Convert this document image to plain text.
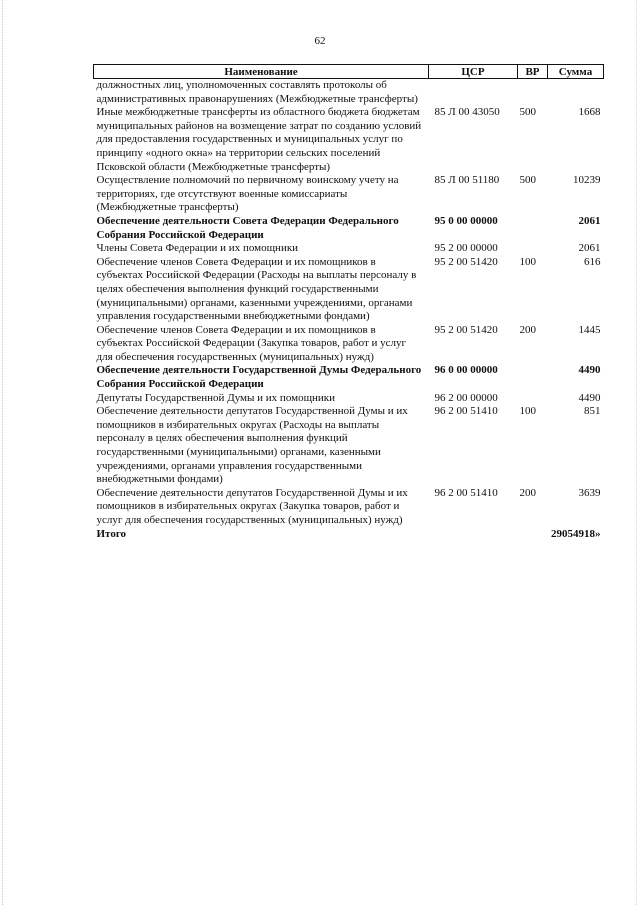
62
Наименование	ЦСР	ВР	Сумма
должностных лиц, уполномоченных составлять протоколы об административных правонарушениях (Межбюджетные трансферты)			
Иные межбюджетные трансферты из областного бюджета бюджетам муниципальных районов на возмещение затрат по созданию условий для предоставления государственных и муниципальных услуг по принципу «одного окна» на территории сельских поселений Псковской области (Межбюджетные трансферты)	85 Л 00 43050	500	1668
Осуществление полномочий по первичному воинскому учету на территориях, где отсутствуют военные комиссариаты (Межбюджетные трансферты)	85 Л 00 51180	500	10239
Обеспечение деятельности Совета Федерации Федерального Собрания Российской Федерации	95 0 00 00000		2061
Члены Совета Федерации и их помощники	95 2 00 00000		2061
Обеспечение членов Совета Федерации и их помощников в субъектах Российской Федерации (Расходы на выплаты персоналу в целях обеспечения выполнения функций государственными (муниципальными) органами, казенными учреждениями, органами управления государственными внебюджетными фондами)	95 2 00 51420	100	616
Обеспечение членов Совета Федерации и их помощников в субъектах Российской Федерации (Закупка товаров, работ и услуг для обеспечения государственных (муниципальных) нужд)	95 2 00 51420	200	1445
Обеспечение деятельности Государственной Думы Федерального Собрания Российской Федерации	96 0 00 00000		4490
Депутаты Государственной Думы и их помощники	96 2 00 00000		4490
Обеспечение деятельности депутатов Государственной Думы и их помощников в избирательных округах (Расходы на выплаты персоналу в целях обеспечения выполнения функций государственными (муниципальными) органами, казенными учреждениями, органами управления государственными внебюджетными фондами)	96 2 00 51410	100	851
Обеспечение деятельности депутатов Государственной Думы и их помощников в избирательных округах (Закупка товаров, работ и услуг для обеспечения государственных (муниципальных) нужд)	96 2 00 51410	200	3639
Итого			29054918»
